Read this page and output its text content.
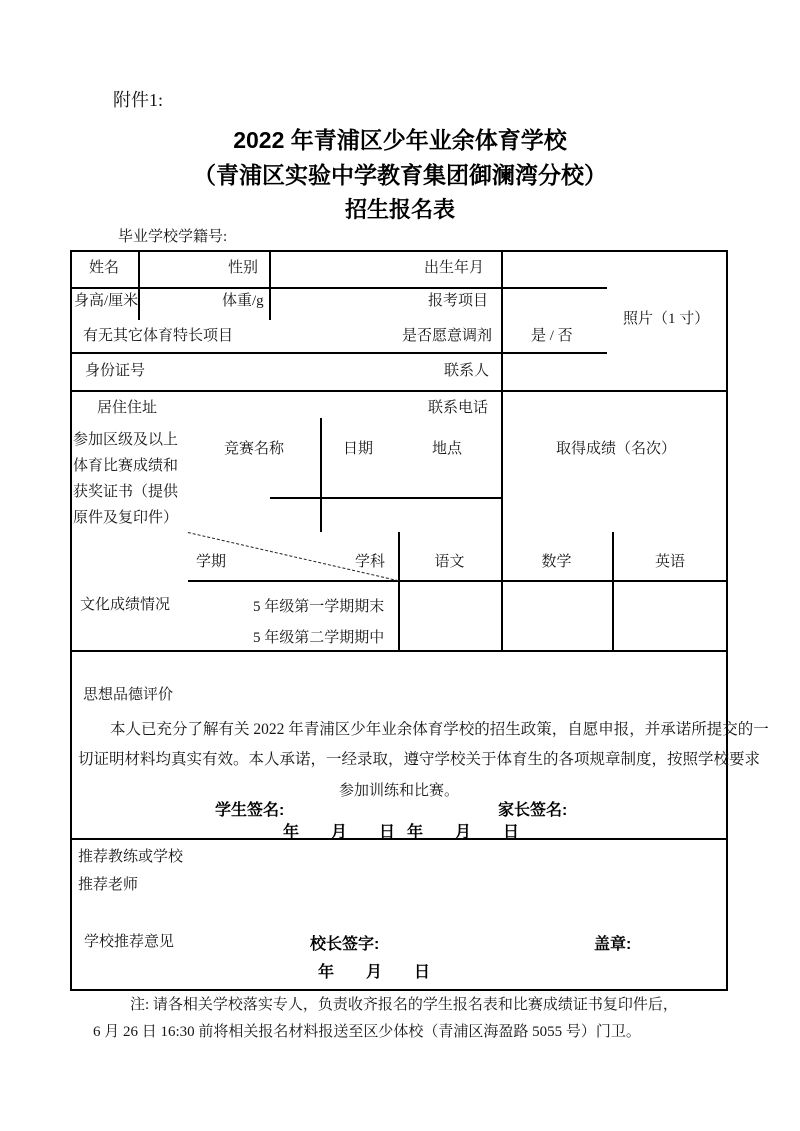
附件1:
2022 年青浦区少年业余体育学校
（青浦区实验中学教育集团御澜湾分校）
招生报名表
毕业学校学籍号:
姓名	性别	出生年月
身高/厘米	体重/g	报考项目
有无其它体育特长项目	是否愿意调剂	是 / 否
照片（1 寸）
身份证号	联系人
居住住址	联系电话
参加区级及以上
体育比赛成绩和
获奖证书（提供
原件及复印件）
竞赛名称	日期	地点	取得成绩（名次）
文化成绩情况
学期	学科	语文	数学	英语
5 年级第一学期期末
5 年级第二学期期中
思想品德评价
本人已充分了解有关 2022 年青浦区少年业余体育学校的招生政策，自愿申报，并承诺所提交的一
切证明材料均真实有效。本人承诺，一经录取，遵守学校关于体育生的各项规章制度，按照学校要求
参加训练和比赛。
学生签名:	家长签名:
年　　月　　日 年　　月　　日
推荐教练或学校
推荐老师
学校推荐意见	校长签字:	盖章:
年　　月　　日
注: 请各相关学校落实专人，负责收齐报名的学生报名表和比赛成绩证书复印件后，
6 月 26 日 16:30 前将相关报名材料报送至区少体校（青浦区海盈路 5055 号）门卫。
